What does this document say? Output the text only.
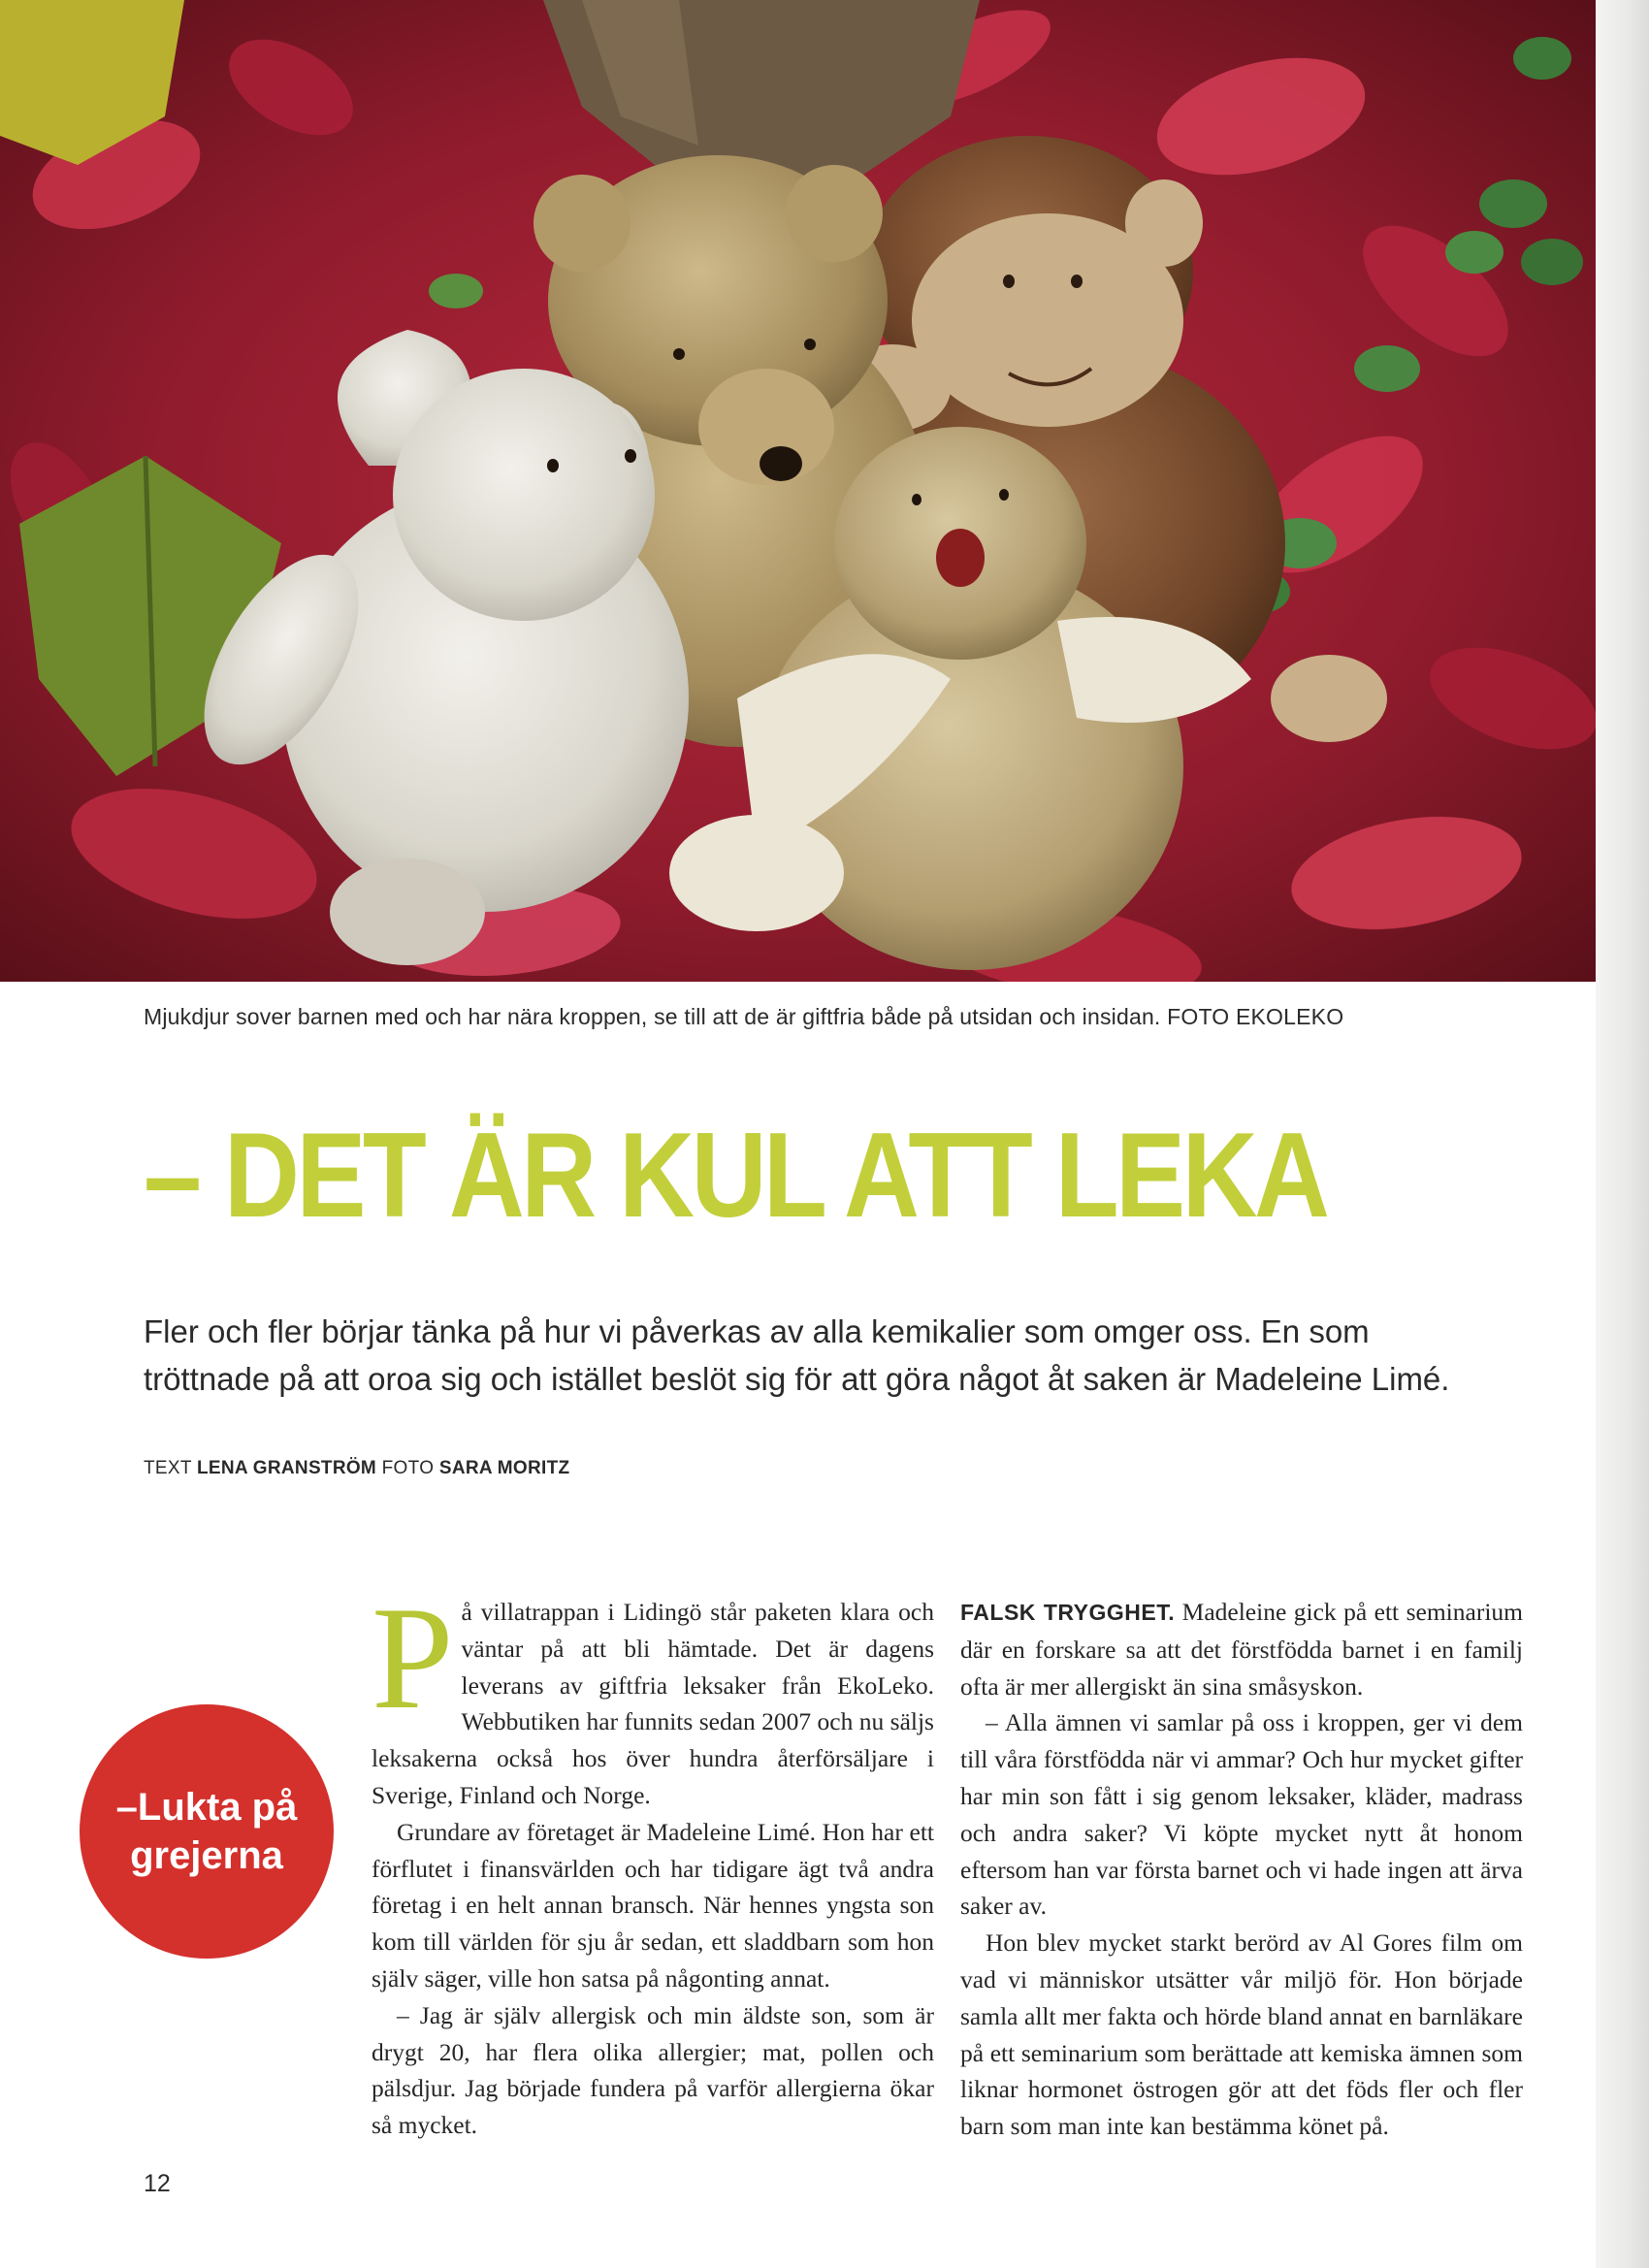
Mjukdjur sover barnen med och har nära kroppen, se till att de är giftfria både på utsidan och insidan. FOTO EKOLEKO
– DET ÄR KUL ATT LEKA
Fler och fler börjar tänka på hur vi påverkas av alla kemikalier som omger oss. En som tröttnade på att oroa sig och istället beslöt sig för att göra något åt saken är Madeleine Limé.
TEXT LENA GRANSTRÖM FOTO SARA MORITZ
–Lukta på
grejerna

På villatrappan i Lidingö står paketen klara och väntar på att bli hämtade. Det är dagens leverans av giftfria leksaker från EkoLeko. Webbutiken har funnits sedan 2007 och nu säljs leksakerna också hos över hundra återförsäljare i Sverige, Finland och Norge.

Grundare av företaget är Madeleine Limé. Hon har ett förflutet i finansvärlden och har tidigare ägt två andra företag i en helt annan bransch. När hennes yngsta son kom till världen för sju år sedan, ett sladdbarn som hon själv säger, ville hon satsa på någonting annat.

– Jag är själv allergisk och min äldste son, som är drygt 20, har flera olika allergier; mat, pollen och pälsdjur. Jag började fundera på varför allergierna ökar så mycket.

FALSK TRYGGHET. Madeleine gick på ett seminarium där en forskare sa att det förstfödda barnet i en familj ofta är mer allergiskt än sina småsyskon.

– Alla ämnen vi samlar på oss i kroppen, ger vi dem till våra förstfödda när vi ammar? Och hur mycket gifter har min son fått i sig genom leksaker, kläder, madrass och andra saker? Vi köpte mycket nytt åt honom eftersom han var första barnet och vi hade ingen att ärva saker av.

Hon blev mycket starkt berörd av Al Gores film om vad vi människor utsätter vår miljö för. Hon började samla allt mer fakta och hörde bland annat en barnläkare på ett seminarium som berättade att kemiska ämnen som liknar hormonet östrogen gör att det föds fler och fler barn som man inte kan bestämma könet på.

12
